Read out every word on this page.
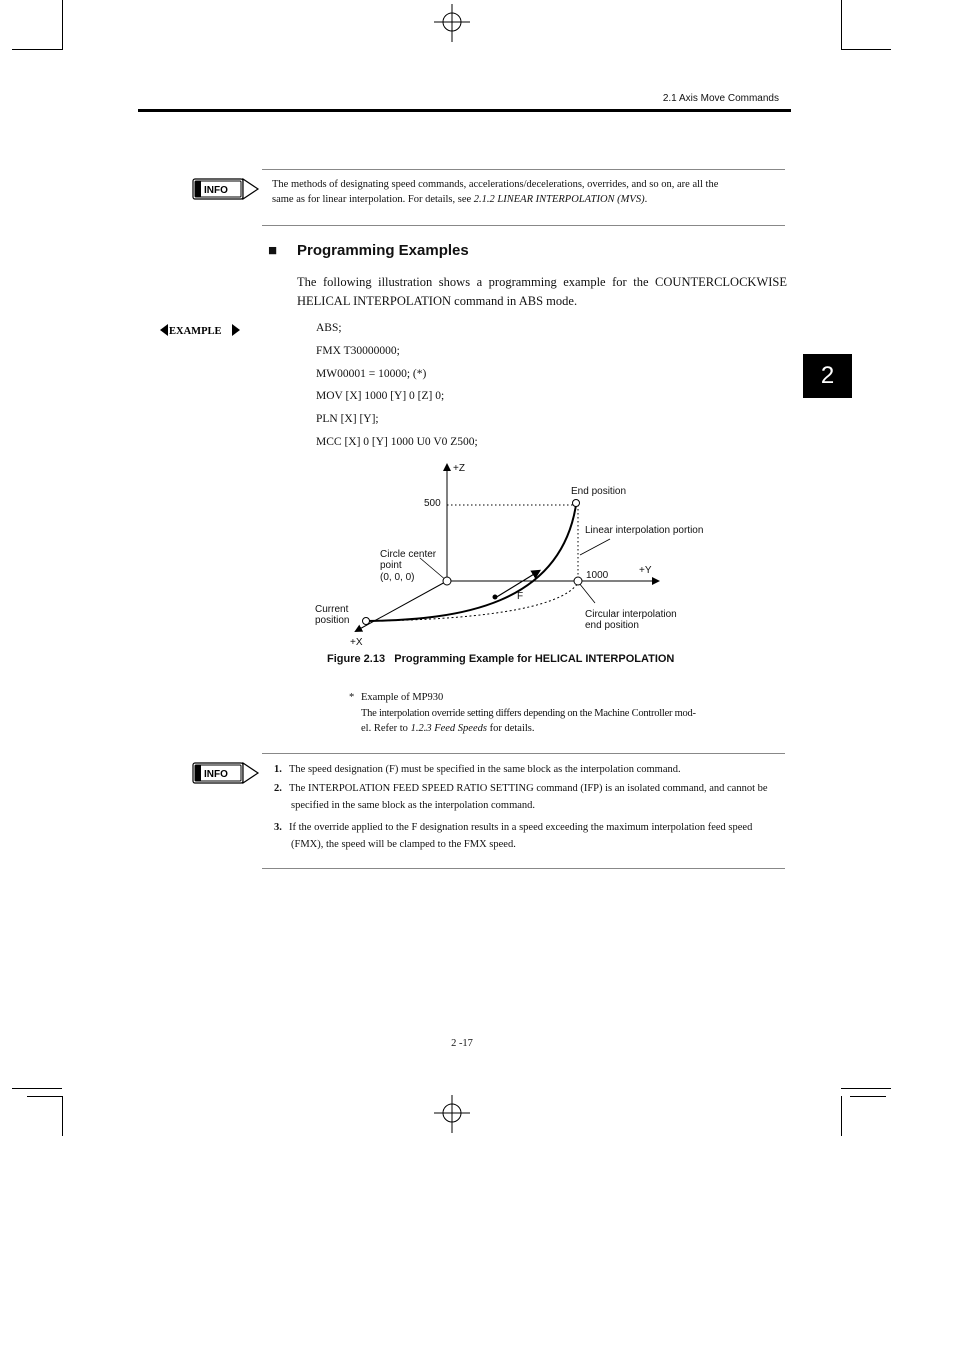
2.1 Axis Move Commands
2
INFO
The methods of designating speed commands, accelerations/decelerations, overrides, and so on, are all the
same as for linear interpolation. For details, see 2.1.2 LINEAR INTERPOLATION (MVS).
■ Programming Examples
The following illustration shows a programming example for the COUNTERCLOCKWISE HELICAL INTERPOLATION command in ABS mode.
EXAMPLE	ABS;
FMX T30000000;
MW00001 = 10000; (*)
MOV [X] 1000 [Y] 0 [Z] 0;
PLN [X] [Y];
MCC [X] 0 [Y] 1000 U0 V0 Z500;
+Z
500
End position
Linear interpolation portion
Circle center
point
(0, 0, 0)	1000	+Y
F
Current
position
Circular interpolation
end position
+X
Figure 2.13   Programming Example for HELICAL INTERPOLATION
* Example of MP930
The interpolation override setting differs depending on the Machine Controller mod-
el. Refer to 1.2.3 Feed Speeds for details.
INFO	1. The speed designation (F) must be specified in the same block as the interpolation command.
2. The INTERPOLATION FEED SPEED RATIO SETTING command (IFP) is an isolated command, and cannot be specified in the same block as the interpolation command.
3. If the override applied to the F designation results in a speed exceeding the maximum interpolation feed speed (FMX), the speed will be clamped to the FMX speed.
2 -17
